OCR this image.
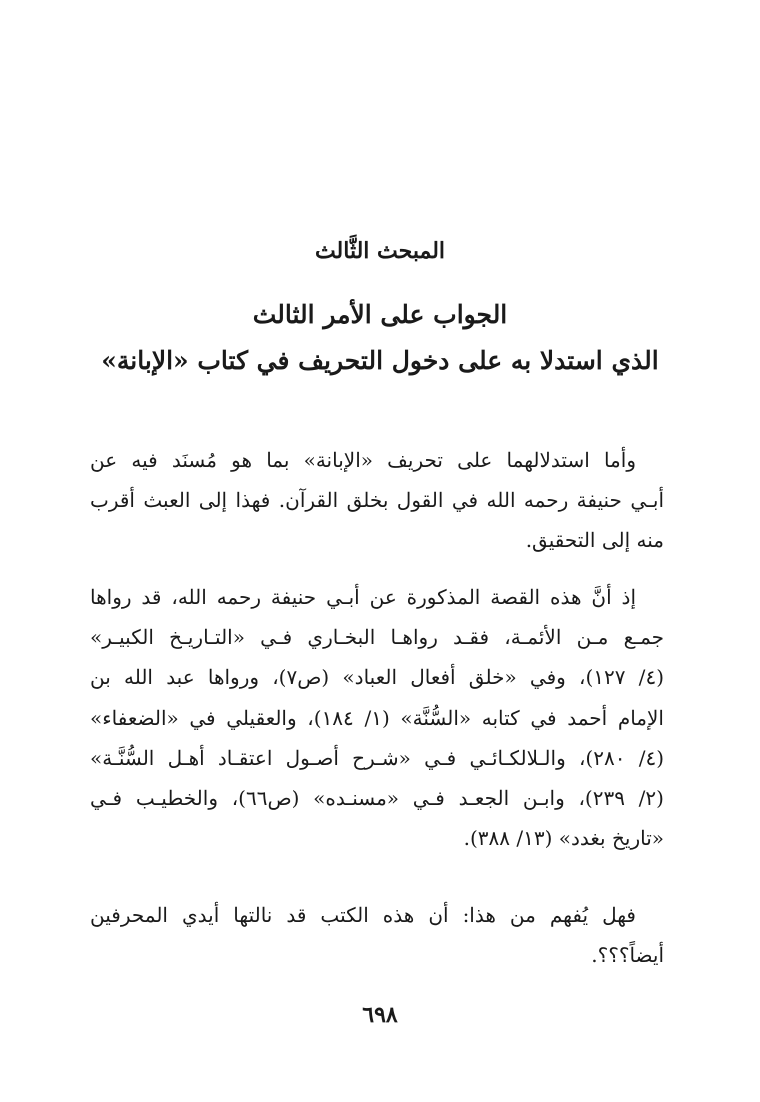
المبحث الثَّالث
الجواب على الأمر الثالث
الذي استدلا به على دخول التحريف في كتاب «الإبانة»
وأما استدلالهما على تحريف «الإبانة» بما هو مُسنَد فيه عن
أبـي حنيفة رحمه الله في القول بخلق القرآن. فهذا إلى العبث أقرب
منه إلى التحقيق.
إذ أنَّ هذه القصة المذكورة عن أبـي حنيفة رحمه الله، قد رواها
جمـع مـن الأئمـة، فقـد رواهـا البخـاري فـي «التـاريـخ الكبيـر»
(٤/ ١٢٧)، وفي «خلق أفعال العباد» (ص٧)، ورواها عبد الله بن
الإمام أحمد في كتابه «السُّنَّة» (١/ ١٨٤)، والعقيلي في «الضعفاء»
(٤/ ٢٨٠)، والـلالكـائـي فـي «شـرح أصـول اعتقـاد أهـل السُّنَّـة»
(٢/ ٢٣٩)، وابـن الجعـد فـي «مسنـده» (ص٦٦)، والخطيـب فـي
«تاريخ بغدد» (١٣/ ٣٨٨).
فهل يُفهم من هذا: أن هذه الكتب قد نالتها أيدي المحرفين
أيضاً؟؟؟.
٦٩٨
